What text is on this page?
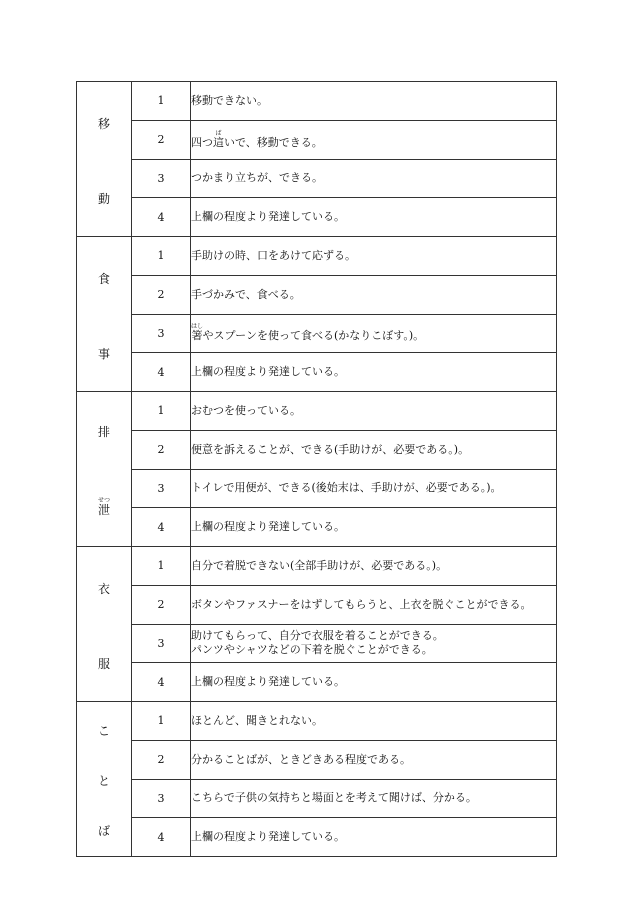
移
動	1	移動できない。
	2	四つ這ばいで、移動できる。
	3	つかまり立ちが、できる。
	4	上欄の程度より発達している。

食
事	1	手助けの時、口をあけて応ずる。
	2	手づかみで、食べる。
	3	箸はしやスプーンを使って食べる(かなりこぼす。)。
	4	上欄の程度より発達している。

排
泄せつ	1	おむつを使っている。
	2	便意を訴えることが、できる(手助けが、必要である。)。
	3	トイレで用便が、できる(後始末は、手助けが、必要である。)。
	4	上欄の程度より発達している。

衣
服	1	自分で着脱できない(全部手助けが、必要である。)。
	2	ボタンやファスナーをはずしてもらうと、上衣を脱ぐことができる。
	3	助けてもらって、自分で衣服を着ることができる。
パンツやシャツなどの下着を脱ぐことができる。

	4	上欄の程度より発達している。

こ
と
ば	1	ほとんど、聞きとれない。
	2	分かることばが、ときどきある程度である。
	3	こちらで子供の気持ちと場面とを考えて聞けば、分かる。
	4	上欄の程度より発達している。
